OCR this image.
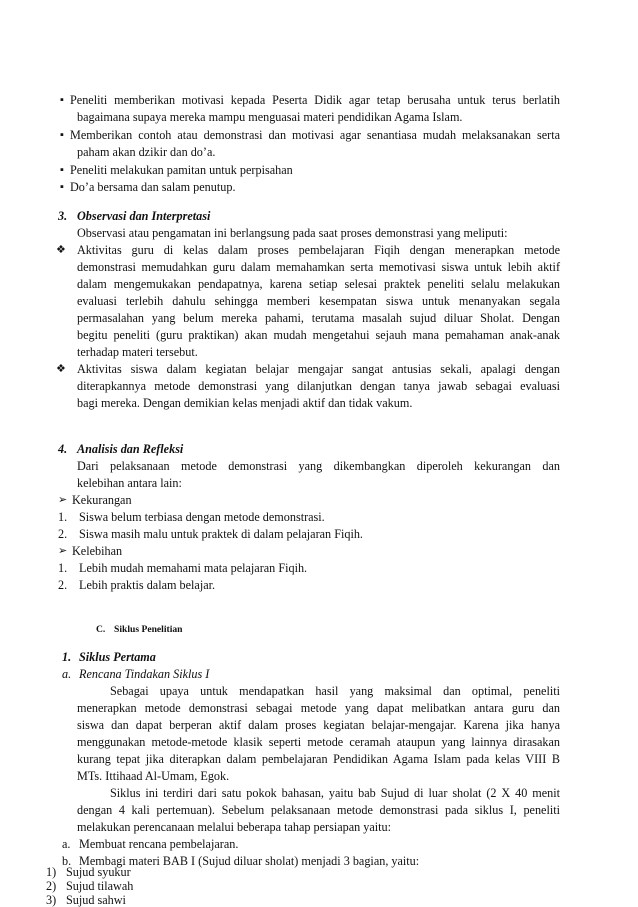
▪ Peneliti memberikan motivasi kepada Peserta Didik agar tetap berusaha untuk terus berlatih
bagaimana supaya mereka mampu menguasai materi pendidikan Agama Islam.
▪ Memberikan contoh atau demonstrasi dan motivasi agar senantiasa mudah melaksanakan serta
paham akan dzikir dan do’a.
▪ Peneliti melakukan pamitan untuk perpisahan
▪ Do’a bersama dan salam penutup.
3. Observasi dan Interpretasi
Observasi atau pengamatan ini berlangsung pada saat proses demonstrasi yang meliputi:
❖ Aktivitas guru di kelas dalam proses pembelajaran Fiqih dengan menerapkan metode
demonstrasi memudahkan guru dalam memahamkan serta memotivasi siswa untuk lebih aktif
dalam mengemukakan pendapatnya, karena setiap selesai praktek peneliti selalu melakukan
evaluasi terlebih dahulu sehingga memberi kesempatan siswa untuk menanyakan segala
permasalahan yang belum mereka pahami, terutama masalah sujud diluar Sholat. Dengan
begitu peneliti (guru praktikan) akan mudah mengetahui sejauh mana pemahaman anak-anak
terhadap materi tersebut.
❖ Aktivitas siswa dalam kegiatan belajar mengajar sangat antusias sekali, apalagi dengan
diterapkannya metode demonstrasi yang dilanjutkan dengan tanya jawab sebagai evaluasi
bagi mereka. Dengan demikian kelas menjadi aktif dan tidak vakum.
4. Analisis dan Refleksi
Dari pelaksanaan metode demonstrasi yang dikembangkan diperoleh kekurangan dan
kelebihan antara lain:
➢ Kekurangan
1. Siswa belum terbiasa dengan metode demonstrasi.
2. Siswa masih malu untuk praktek di dalam pelajaran Fiqih.
➢ Kelebihan
1. Lebih mudah memahami mata pelajaran Fiqih.
2. Lebih praktis dalam belajar.
C. Siklus Penelitian
1. Siklus Pertama
a. Rencana Tindakan Siklus I
Sebagai upaya untuk mendapatkan hasil yang maksimal dan optimal, peneliti
menerapkan metode demonstrasi sebagai metode yang dapat melibatkan antara guru dan
siswa dan dapat berperan aktif dalam proses kegiatan belajar-mengajar. Karena jika hanya
menggunakan metode-metode klasik seperti metode ceramah ataupun yang lainnya dirasakan
kurang tepat jika diterapkan dalam pembelajaran Pendidikan Agama Islam pada kelas VIII B
MTs. Ittihaad Al-Umam, Egok.
Siklus ini terdiri dari satu pokok bahasan, yaitu bab Sujud di luar sholat (2 X 40 menit
dengan 4 kali pertemuan). Sebelum pelaksanaan metode demonstrasi pada siklus I, peneliti
melakukan perencanaan melalui beberapa tahap persiapan yaitu:
a. Membuat rencana pembelajaran.
b. Membagi materi BAB I (Sujud diluar sholat) menjadi 3 bagian, yaitu:
1) Sujud syukur
2) Sujud tilawah
3) Sujud sahwi
